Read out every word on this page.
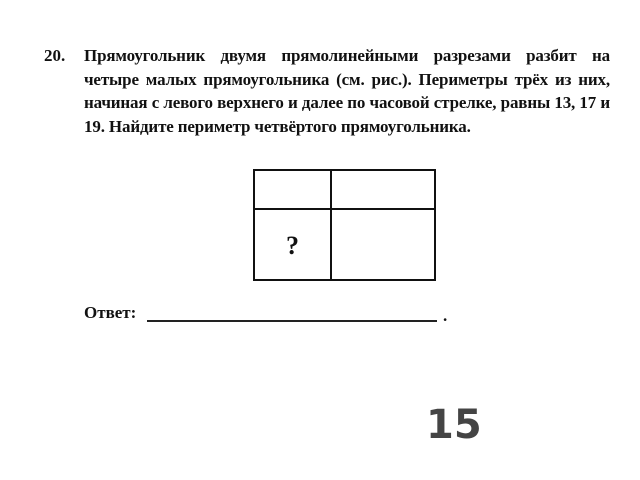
20. Прямоугольник двумя прямолинейными разрезами разбит на четыре малых прямоугольника (см. рис.). Периметры трёх из них, начиная с левого верхнего и далее по часовой стрелке, равны 13, 17 и 19. Найдите периметр четвёртого прямоугольника.
?
Ответ:	.
15
